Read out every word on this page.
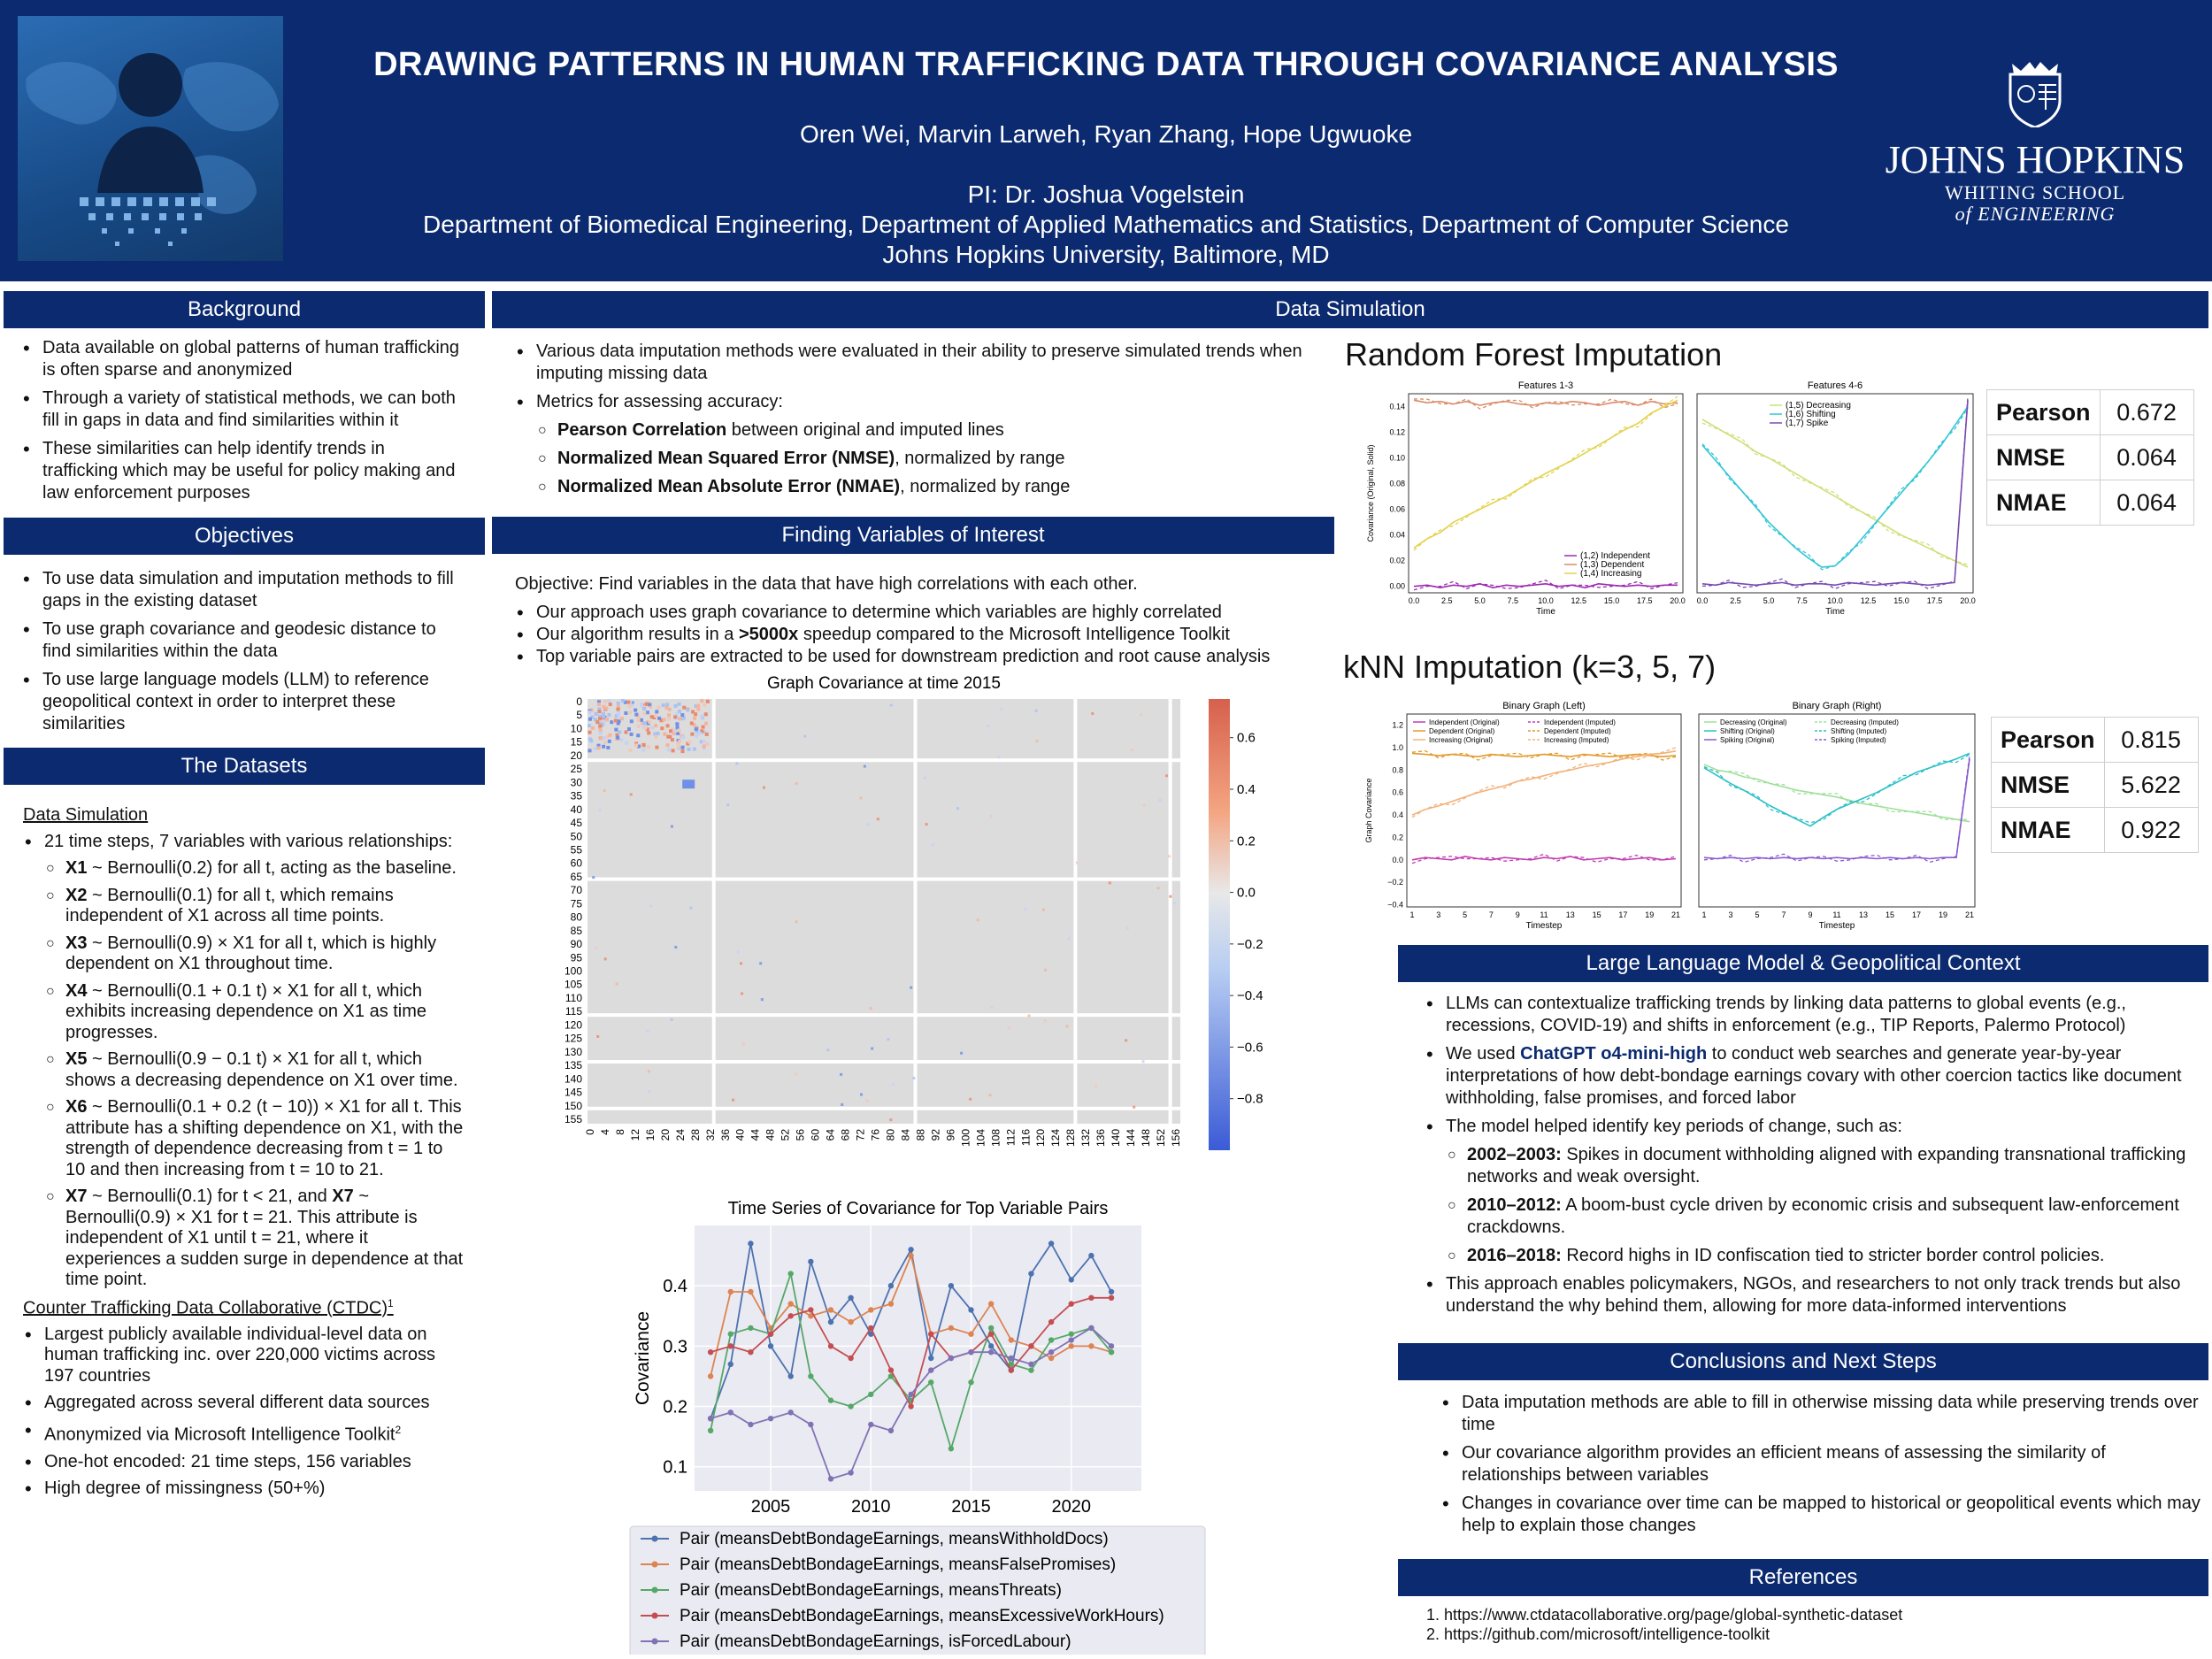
DRAWING PATTERNS IN HUMAN TRAFFICKING DATA THROUGH COVARIANCE ANALYSIS
Oren Wei, Marvin Larweh, Ryan Zhang, Hope Ugwuoke
PI: Dr. Joshua Vogelstein
Department of Biomedical Engineering, Department of Applied Mathematics and Statistics, Department of Computer Science
Johns Hopkins University, Baltimore, MD
JOHNS HOPKINS
WHITING SCHOOL
of ENGINEERING
Background
• Data available on global patterns of human trafficking is often sparse and anonymized
• Through a variety of statistical methods, we can both fill in gaps in data and find similarities within it
• These similarities can help identify trends in trafficking which may be useful for policy making and law enforcement purposes
Objectives
• To use data simulation and imputation methods to fill gaps in the existing dataset
• To use graph covariance and geodesic distance to find similarities within the data
• To use large language models (LLM) to reference geopolitical context in order to interpret these similarities
The Datasets
Data Simulation
• 21 time steps, 7 variables with various relationships:
○ X1 ~ Bernoulli(0.2) for all t, acting as the baseline.
○ X2 ~ Bernoulli(0.1) for all t, which remains independent of X1 across all time points.
○ X3 ~ Bernoulli(0.9) × X1 for all t, which is highly dependent on X1 throughout time.
○ X4 ~ Bernoulli(0.1 + 0.1 t) × X1 for all t, which exhibits increasing dependence on X1 as time progresses.
○ X5 ~ Bernoulli(0.9 − 0.1 t) × X1 for all t, which shows a decreasing dependence on X1 over time.
○ X6 ~ Bernoulli(0.1 + 0.2 (t − 10)) × X1 for all t. This attribute has a shifting dependence on X1, with the strength of dependence decreasing from t = 1 to 10 and then increasing from t = 10 to 21.
○ X7 ~ Bernoulli(0.1) for t < 21, and X7 ~ Bernoulli(0.9) × X1 for t = 21. This attribute is independent of X1 until t = 21, where it experiences a sudden surge in dependence at that time point.
Counter Trafficking Data Collaborative (CTDC)$^1$
• Largest publicly available individual-level data on human trafficking inc. over 220,000 victims across 197 countries
• Aggregated across several different data sources
• Anonymized via Microsoft Intelligence Toolkit$^2$
• One-hot encoded: 21 time steps, 156 variables
• High degree of missingness (50+%)
Data Simulation
• Various data imputation methods were evaluated in their ability to preserve simulated trends when imputing missing data
• Metrics for assessing accuracy:
○ Pearson Correlation between original and imputed lines
○ Normalized Mean Squared Error (NMSE), normalized by range
○ Normalized Mean Absolute Error (NMAE), normalized by range
Finding Variables of Interest
Objective: Find variables in the data that have high correlations with each other.
• Our approach uses graph covariance to determine which variables are highly correlated
• Our algorithm results in a >5000x speedup compared to the Microsoft Intelligence Toolkit
• Top variable pairs are extracted to be used for downstream prediction and root cause analysis
Graph Covariance at time 2015
0
5
10
15
20
25
30
35
40
45
50
55
60
65
70
75
80
85
90
95
100
105
110
115
120
125
130
135
140
145
150
155
0 4 8 12 16 20 24 28 32 36 40 44 48 52 56 60 64 68 72 76 80 84 88 92 96 100 104 108 112 116 120 124 128 132 136 140 144 148 152 156
0.6
0.4
0.2
0.0
−0.2
−0.4
−0.6
−0.8
Time Series of Covariance for Top Variable Pairs
0.1
0.2
0.3
0.4
2005	2010	2015	2020
Covariance
Pair (meansDebtBondageEarnings, meansWithholdDocs)
Pair (meansDebtBondageEarnings, meansFalsePromises)
Pair (meansDebtBondageEarnings, meansThreats)
Pair (meansDebtBondageEarnings, meansExcessiveWorkHours)
Pair (meansDebtBondageEarnings, isForcedLabour)
Random Forest Imputation
Features 1-3
0.00
0.02
0.04
0.06
0.08
0.10
0.12
0.14
0.0	2.5	5.0	7.5 10.0 12.5 15.0 17.5 20.0
Time
Covariance (Original, Solid)
(1,2) Independent
(1,3) Dependent
(1,4) Increasing
Features 4-6
0.0	2.5	5.0	7.5 10.0 12.5 15.0 17.5 20.0
Time
(1,5) Decreasing
(1,6) Shifting
(1,7) Spike	Pearson	0.672
NMSE	0.064
NMAE	0.064
kNN Imputation (k=3, 5, 7)
Binary Graph (Left)
−0.4
−0.2
0.0
0.2
0.4
0.6
0.8
1.0
1.2
1	3	5	7	9	11 13 15 17 19 21
Timestep
Graph Covariance
Independent (Original)
Dependent (Original)
Increasing (Original)
Independent (Imputed)
Dependent (Imputed)
Increasing (Imputed)
Binary Graph (Right)
1	3	5	7	9	11 13 15 17 19 21
Timestep
Decreasing (Original)
Shifting (Original)
Spiking (Original)
Decreasing (Imputed)
Shifting (Imputed)
Spiking (Imputed)	Pearson	0.815
NMSE	5.622
NMAE	0.922
Large Language Model & Geopolitical Context
• LLMs can contextualize trafficking trends by linking data patterns to global events (e.g., recessions, COVID-19) and shifts in enforcement (e.g., TIP Reports, Palermo Protocol)
• We used ChatGPT o4-mini-high to conduct web searches and generate year-by-year interpretations of how debt-bondage earnings covary with other coercion tactics like document withholding, false promises, and forced labor
• The model helped identify key periods of change, such as:
○ 2002–2003: Spikes in document withholding aligned with expanding transnational trafficking networks and weak oversight.
○ 2010–2012: A boom-bust cycle driven by economic crisis and subsequent law-enforcement crackdowns.
○ 2016–2018: Record highs in ID confiscation tied to stricter border control policies.
• This approach enables policymakers, NGOs, and researchers to not only track trends but also understand the why behind them, allowing for more data-informed interventions
Conclusions and Next Steps
• Data imputation methods are able to fill in otherwise missing data while preserving trends over time
• Our covariance algorithm provides an efficient means of assessing the similarity of relationships between variables
• Changes in covariance over time can be mapped to historical or geopolitical events which may help to explain those changes
References
1. https://www.ctdatacollaborative.org/page/global-synthetic-dataset
2. https://github.com/microsoft/intelligence-toolkit
